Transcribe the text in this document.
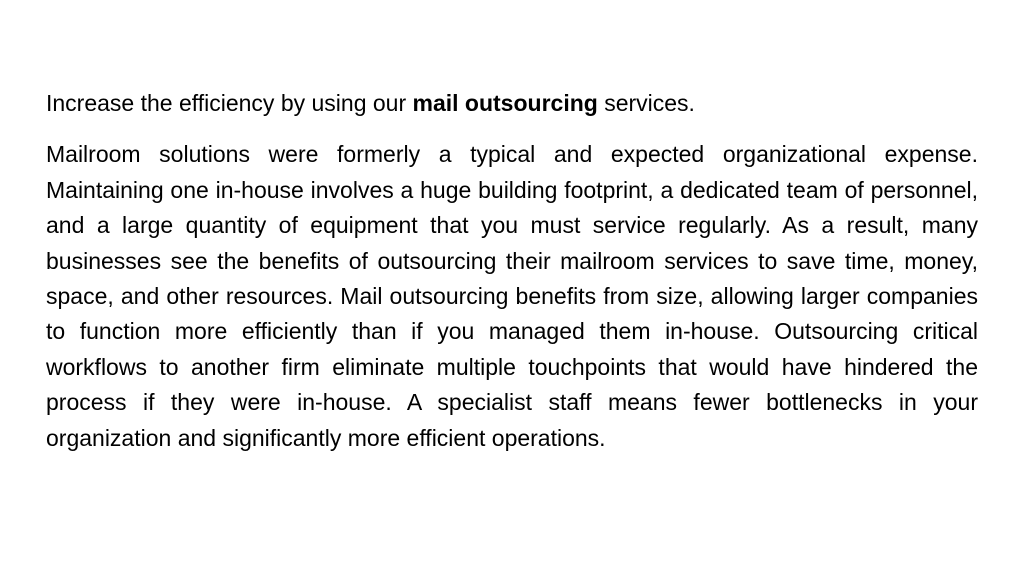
Increase the efficiency by using our mail outsourcing services.

Mailroom solutions were formerly a typical and expected organizational expense. Maintaining one in-house involves a huge building footprint, a dedicated team of personnel, and a large quantity of equipment that you must service regularly. As a result, many businesses see the benefits of outsourcing their mailroom services to save time, money, space, and other resources. Mail outsourcing benefits from size, allowing larger companies to function more efficiently than if you managed them in-house. Outsourcing critical workflows to another firm eliminate multiple touchpoints that would have hindered the process if they were in-house. A specialist staff means fewer bottlenecks in your organization and significantly more efficient operations.
